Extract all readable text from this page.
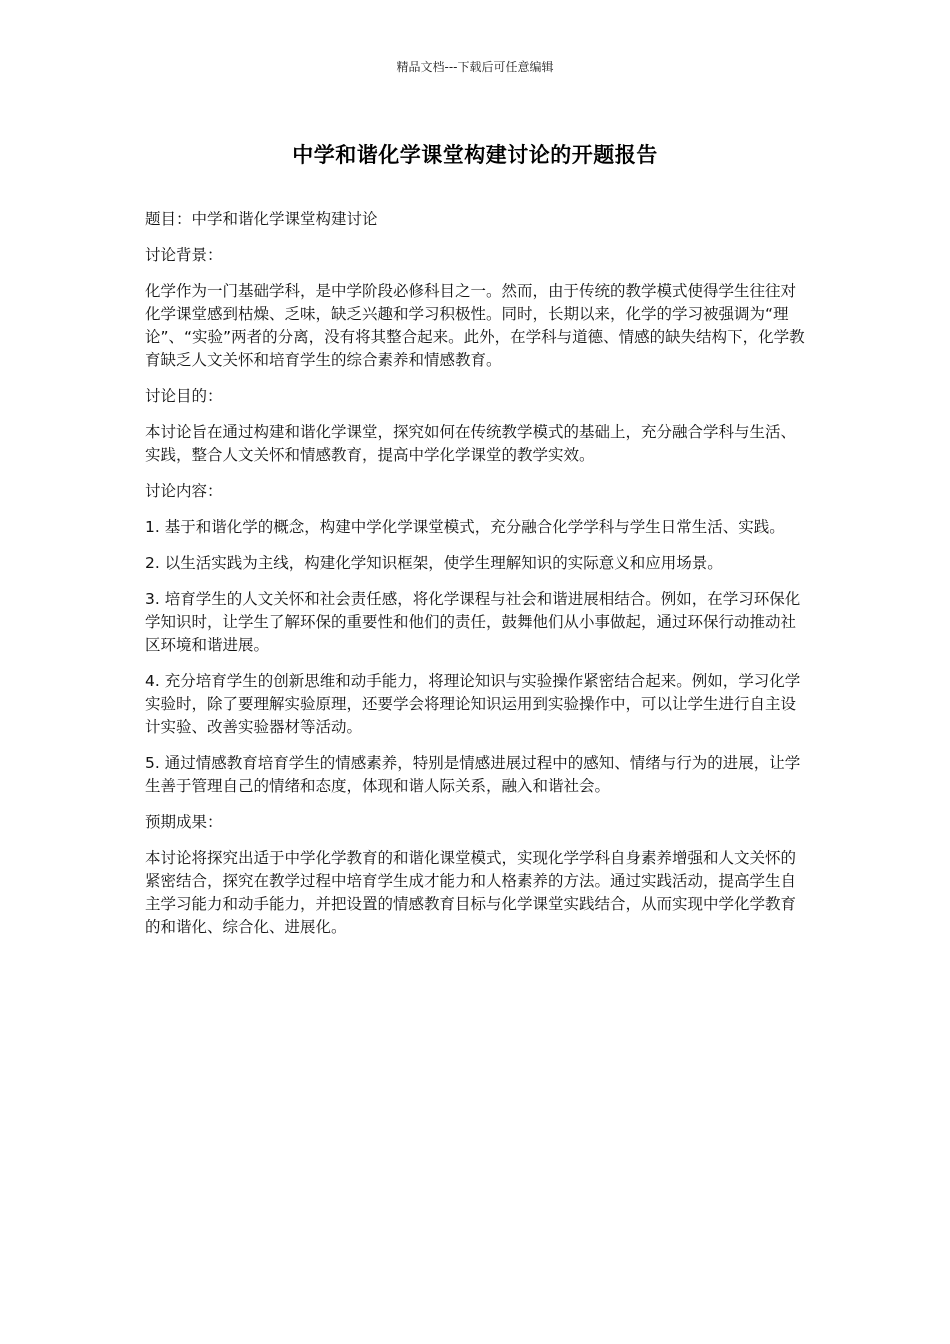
精品文档---下载后可任意编辑
中学和谐化学课堂构建讨论的开题报告

题目：中学和谐化学课堂构建讨论

讨论背景：

化学作为一门基础学科，是中学阶段必修科目之一。然而，由于传统的教学模式使得学生往往对化学课堂感到枯燥、乏味，缺乏兴趣和学习积极性。同时，长期以来，化学的学习被强调为“理论”、“实验”两者的分离，没有将其整合起来。此外，在学科与道德、情感的缺失结构下，化学教育缺乏人文关怀和培育学生的综合素养和情感教育。

讨论目的：

本讨论旨在通过构建和谐化学课堂，探究如何在传统教学模式的基础上，充分融合学科与生活、实践，整合人文关怀和情感教育，提高中学化学课堂的教学实效。

讨论内容：

1. 基于和谐化学的概念，构建中学化学课堂模式，充分融合化学学科与学生日常生活、实践。

2. 以生活实践为主线，构建化学知识框架，使学生理解知识的实际意义和应用场景。

3. 培育学生的人文关怀和社会责任感，将化学课程与社会和谐进展相结合。例如，在学习环保化学知识时，让学生了解环保的重要性和他们的责任，鼓舞他们从小事做起，通过环保行动推动社区环境和谐进展。

4. 充分培育学生的创新思维和动手能力，将理论知识与实验操作紧密结合起来。例如，学习化学实验时，除了要理解实验原理，还要学会将理论知识运用到实验操作中，可以让学生进行自主设计实验、改善实验器材等活动。

5. 通过情感教育培育学生的情感素养，特别是情感进展过程中的感知、情绪与行为的进展，让学生善于管理自己的情绪和态度，体现和谐人际关系，融入和谐社会。

预期成果：

本讨论将探究出适于中学化学教育的和谐化课堂模式，实现化学学科自身素养增强和人文关怀的紧密结合，探究在教学过程中培育学生成才能力和人格素养的方法。通过实践活动，提高学生自主学习能力和动手能力，并把设置的情感教育目标与化学课堂实践结合，从而实现中学化学教育的和谐化、综合化、进展化。
